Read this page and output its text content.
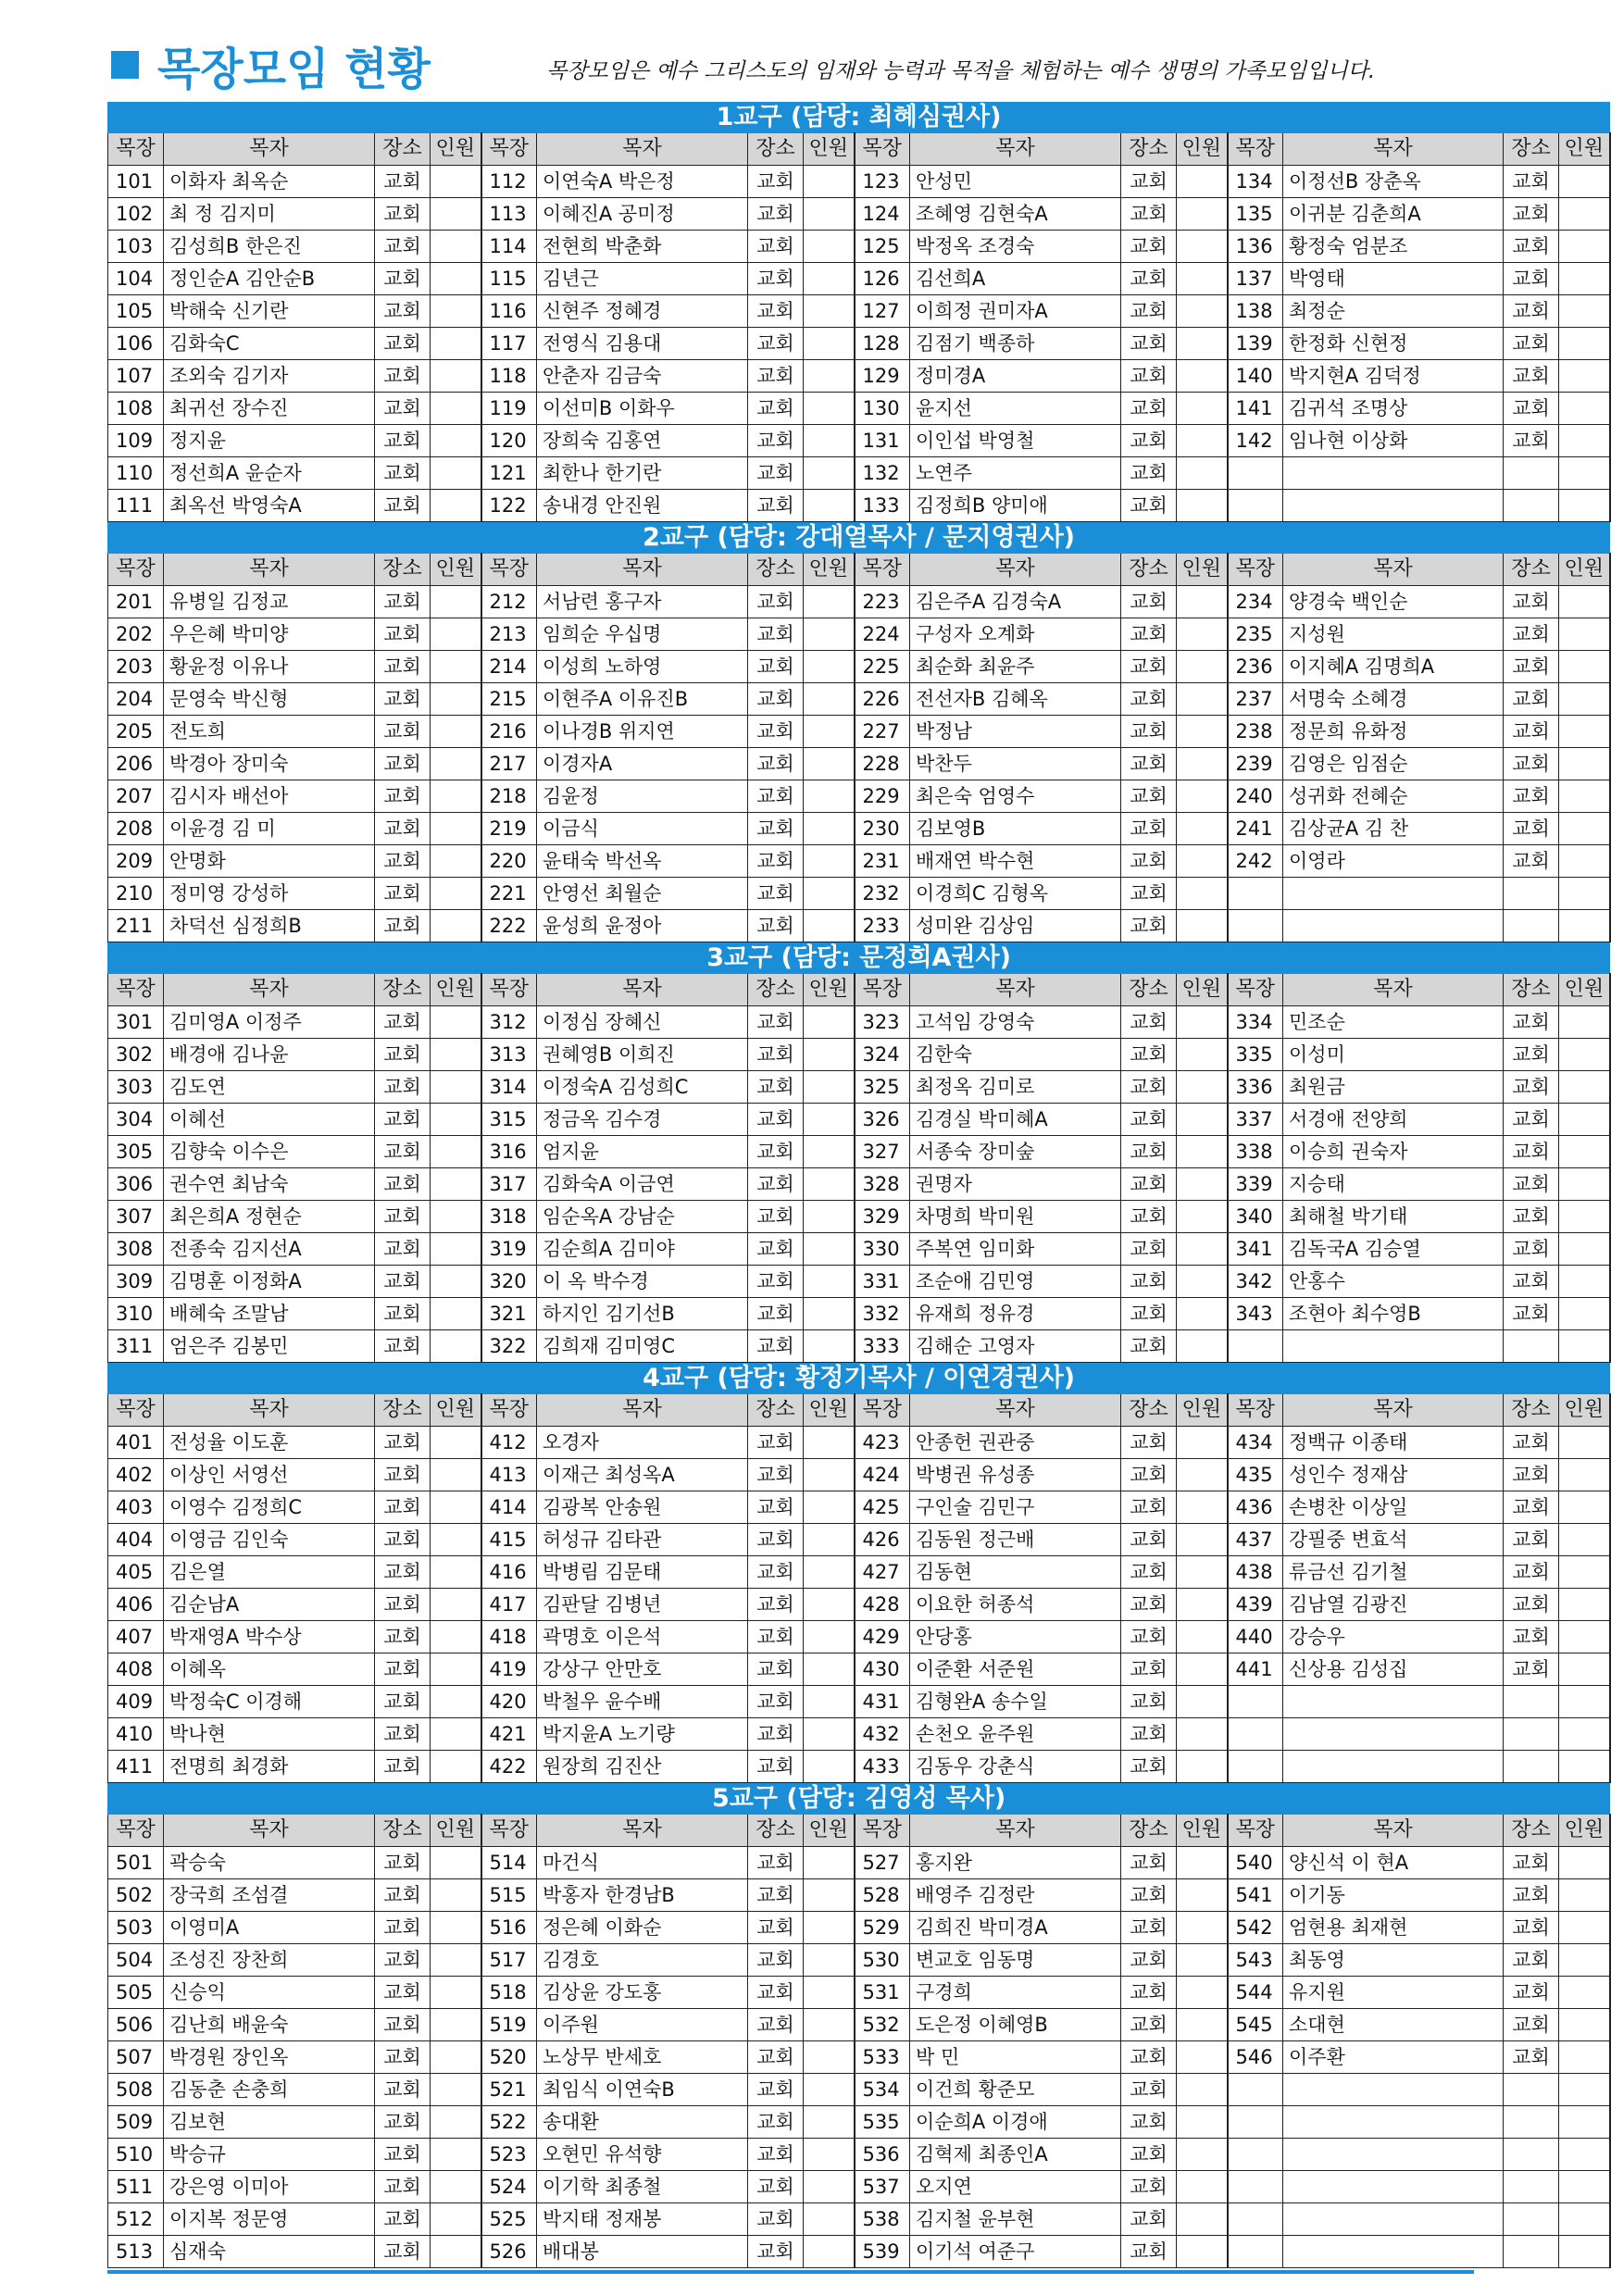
목장모임 현황	목장모임은 예수 그리스도의 임재와 능력과 목적을 체험하는 예수 생명의 가족모임입니다.
1교구 (담당: 최혜심권사)															
목장	목자	장소	인원	목장	목자	장소	인원	목장	목자	장소	인원	목장	목자	장소	인원
101	이화자 최옥순	교회		112	이연숙A 박은정	교회		123	안성민	교회		134	이정선B 장춘옥	교회	
102	최 정 김지미	교회		113	이혜진A 공미정	교회		124	조혜영 김현숙A	교회		135	이귀분 김춘희A	교회	
103	김성희B 한은진	교회		114	전현희 박춘화	교회		125	박정옥 조경숙	교회		136	황정숙 엄분조	교회	
104	정인순A 김안순B	교회		115	김년근	교회		126	김선희A	교회		137	박영태	교회	
105	박해숙 신기란	교회		116	신현주 정혜경	교회		127	이희정 권미자A	교회		138	최정순	교회	
106	김화숙C	교회		117	전영식 김용대	교회		128	김점기 백종하	교회		139	한정화 신현정	교회	
107	조외숙 김기자	교회		118	안춘자 김금숙	교회		129	정미경A	교회		140	박지현A 김덕정	교회	
108	최귀선 장수진	교회		119	이선미B 이화우	교회		130	윤지선	교회		141	김귀석 조명상	교회	
109	정지윤	교회		120	장희숙 김홍연	교회		131	이인섭 박영철	교회		142	임나현 이상화	교회	
110	정선희A 윤순자	교회		121	최한나 한기란	교회		132	노연주	교회					
111	최옥선 박영숙A	교회		122	송내경 안진원	교회		133	김정희B 양미애	교회					
2교구 (담당: 강대열목사 / 문지영권사)															
목장	목자	장소	인원	목장	목자	장소	인원	목장	목자	장소	인원	목장	목자	장소	인원
201	유병일 김정교	교회		212	서남련 홍구자	교회		223	김은주A 김경숙A	교회		234	양경숙 백인순	교회	
202	우은혜 박미양	교회		213	임희순 우십명	교회		224	구성자 오계화	교회		235	지성원	교회	
203	황윤정 이유나	교회		214	이성희 노하영	교회		225	최순화 최윤주	교회		236	이지혜A 김명희A	교회	
204	문영숙 박신형	교회		215	이현주A 이유진B	교회		226	전선자B 김혜옥	교회		237	서명숙 소혜경	교회	
205	전도희	교회		216	이나경B 위지연	교회		227	박정남	교회		238	정문희 유화정	교회	
206	박경아 장미숙	교회		217	이경자A	교회		228	박찬두	교회		239	김영은 임점순	교회	
207	김시자 배선아	교회		218	김윤정	교회		229	최은숙 엄영수	교회		240	성귀화 전혜순	교회	
208	이윤경 김 미	교회		219	이금식	교회		230	김보영B	교회		241	김상균A 김 찬	교회	
209	안명화	교회		220	윤태숙 박선옥	교회		231	배재연 박수현	교회		242	이영라	교회	
210	정미영 강성하	교회		221	안영선 최월순	교회		232	이경희C 김형옥	교회					
211	차덕선 심정희B	교회		222	윤성희 윤정아	교회		233	성미완 김상임	교회					
3교구 (담당: 문정희A권사)															
목장	목자	장소	인원	목장	목자	장소	인원	목장	목자	장소	인원	목장	목자	장소	인원
301	김미영A 이정주	교회		312	이정심 장혜신	교회		323	고석임 강영숙	교회		334	민조순	교회	
302	배경애 김나윤	교회		313	권혜영B 이희진	교회		324	김한숙	교회		335	이성미	교회	
303	김도연	교회		314	이정숙A 김성희C	교회		325	최정옥 김미로	교회		336	최원금	교회	
304	이혜선	교회		315	정금옥 김수경	교회		326	김경실 박미혜A	교회		337	서경애 전양희	교회	
305	김향숙 이수은	교회		316	엄지윤	교회		327	서종숙 장미숲	교회		338	이승희 권숙자	교회	
306	권수연 최남숙	교회		317	김화숙A 이금연	교회		328	권명자	교회		339	지승태	교회	
307	최은희A 정현순	교회		318	임순옥A 강남순	교회		329	차명희 박미원	교회		340	최해철 박기태	교회	
308	전종숙 김지선A	교회		319	김순희A 김미야	교회		330	주복연 임미화	교회		341	김독국A 김승열	교회	
309	김명훈 이정화A	교회		320	이 옥 박수경	교회		331	조순애 김민영	교회		342	안홍수	교회	
310	배혜숙 조말남	교회		321	하지인 김기선B	교회		332	유재희 정유경	교회		343	조현아 최수영B	교회	
311	엄은주 김봉민	교회		322	김희재 김미영C	교회		333	김해순 고영자	교회					
4교구 (담당: 황정기목사 / 이연경권사)															
목장	목자	장소	인원	목장	목자	장소	인원	목장	목자	장소	인원	목장	목자	장소	인원
401	전성율 이도훈	교회		412	오경자	교회		423	안종헌 권관중	교회		434	정백규 이종태	교회	
402	이상인 서영선	교회		413	이재근 최성옥A	교회		424	박병권 유성종	교회		435	성인수 정재삼	교회	
403	이영수 김정희C	교회		414	김광복 안송원	교회		425	구인술 김민구	교회		436	손병찬 이상일	교회	
404	이영금 김인숙	교회		415	허성규 김타관	교회		426	김동원 정근배	교회		437	강필중 변효석	교회	
405	김은열	교회		416	박병림 김문태	교회		427	김동현	교회		438	류금선 김기철	교회	
406	김순남A	교회		417	김판달 김병년	교회		428	이요한 허종석	교회		439	김남열 김광진	교회	
407	박재영A 박수상	교회		418	곽명호 이은석	교회		429	안당홍	교회		440	강승우	교회	
408	이혜옥	교회		419	강상구 안만호	교회		430	이준환 서준원	교회		441	신상용 김성집	교회	
409	박정숙C 이경해	교회		420	박철우 윤수배	교회		431	김형완A 송수일	교회					
410	박나현	교회		421	박지윤A 노기량	교회		432	손천오 윤주원	교회					
411	전명희 최경화	교회		422	원장희 김진산	교회		433	김동우 강춘식	교회					
5교구 (담당: 김영성 목사)															
목장	목자	장소	인원	목장	목자	장소	인원	목장	목자	장소	인원	목장	목자	장소	인원
501	곽승숙	교회		514	마건식	교회		527	홍지완	교회		540	양신석 이 현A	교회	
502	장국희 조섬결	교회		515	박홍자 한경남B	교회		528	배영주 김정란	교회		541	이기동	교회	
503	이영미A	교회		516	정은혜 이화순	교회		529	김희진 박미경A	교회		542	엄현용 최재현	교회	
504	조성진 장찬희	교회		517	김경호	교회		530	변교호 임동명	교회		543	최동영	교회	
505	신승익	교회		518	김상윤 강도홍	교회		531	구경희	교회		544	유지원	교회	
506	김난희 배윤숙	교회		519	이주원	교회		532	도은정 이혜영B	교회		545	소대현	교회	
507	박경원 장인옥	교회		520	노상무 반세호	교회		533	박 민	교회		546	이주환	교회	
508	김동춘 손충희	교회		521	최임식 이연숙B	교회		534	이건희 황준모	교회					
509	김보현	교회		522	송대환	교회		535	이순희A 이경애	교회					
510	박승규	교회		523	오현민 유석향	교회		536	김혁제 최종인A	교회					
511	강은영 이미아	교회		524	이기학 최종철	교회		537	오지연	교회					
512	이지복 정문영	교회		525	박지태 정재봉	교회		538	김지철 윤부현	교회					
513	심재숙	교회		526	배대봉	교회		539	이기석 여준구	교회					
